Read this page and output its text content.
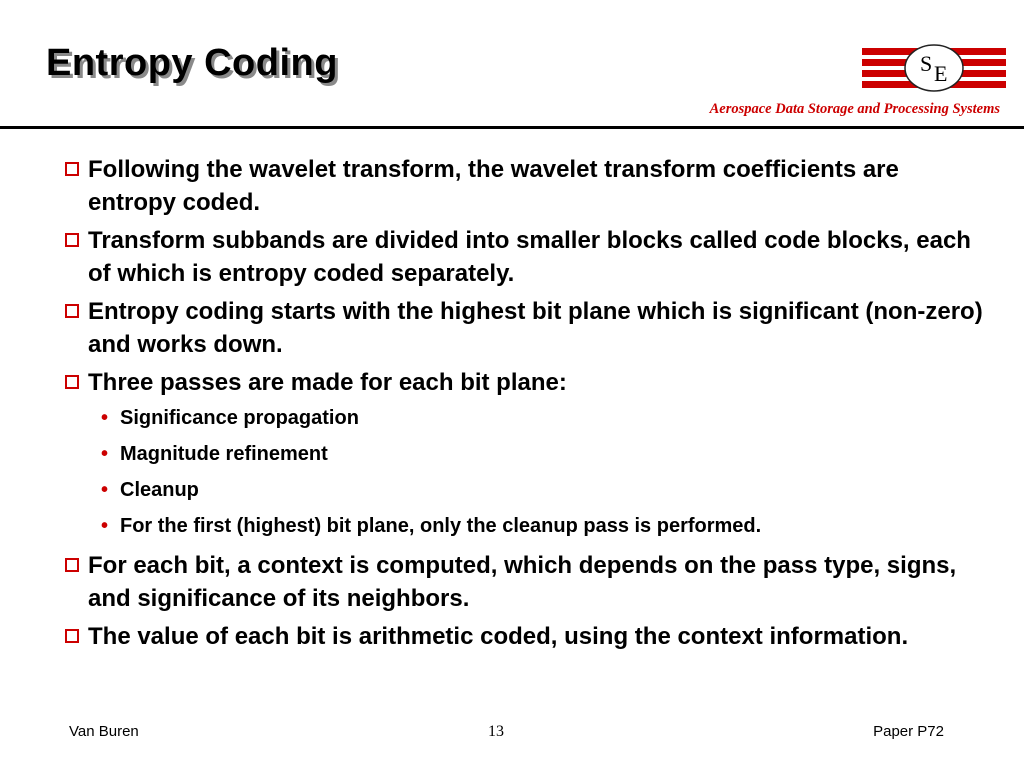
Entropy Coding	S E
Aerospace Data Storage and Processing Systems
Following the wavelet transform, the wavelet transform coefficients are entropy coded.
Transform subbands are divided into smaller blocks called code blocks, each of which is entropy coded separately.
Entropy coding starts with the highest bit plane which is significant (non-zero) and works down.
Three passes are made for each bit plane:
• Significance propagation
• Magnitude refinement
• Cleanup
• For the first (highest) bit plane, only the cleanup pass is performed.
For each bit, a context is computed, which depends on the pass type, signs, and significance of its neighbors.
The value of each bit is arithmetic coded, using the context information.
Van Buren	13	Paper P72
